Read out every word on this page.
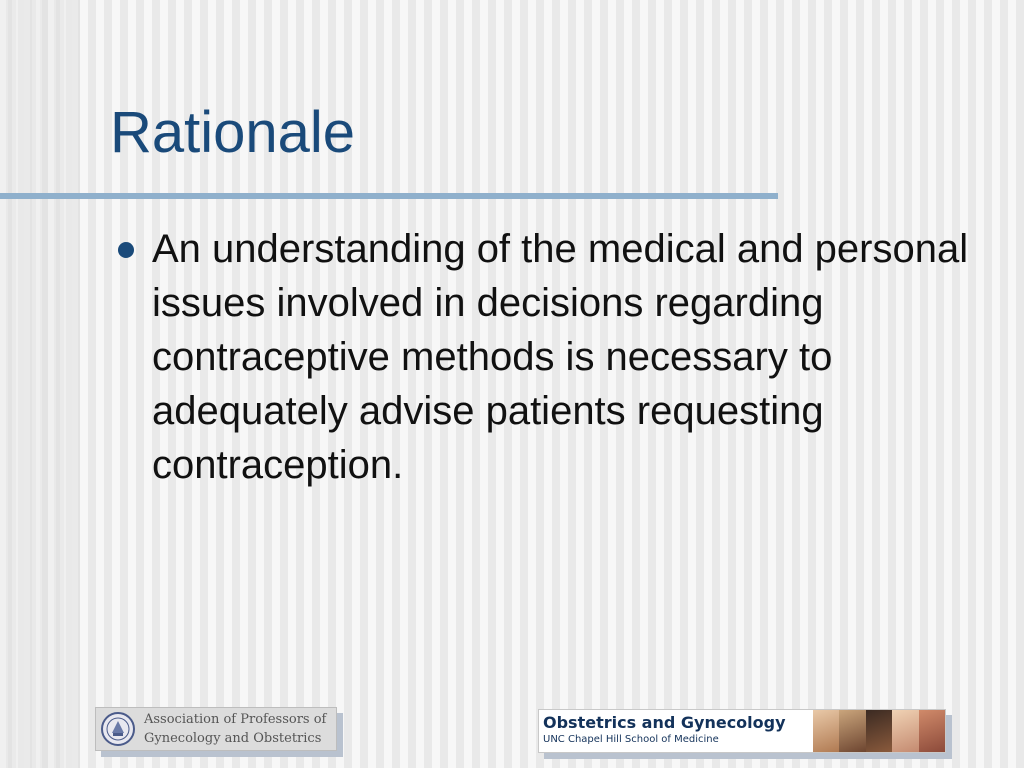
Rationale
An understanding of the medical and personal issues involved in decisions regarding contraceptive methods is necessary to adequately advise patients requesting contraception.
Association of Professors of
Gynecology and Obstetrics
Obstetrics and Gynecology
UNC Chapel Hill School of Medicine
